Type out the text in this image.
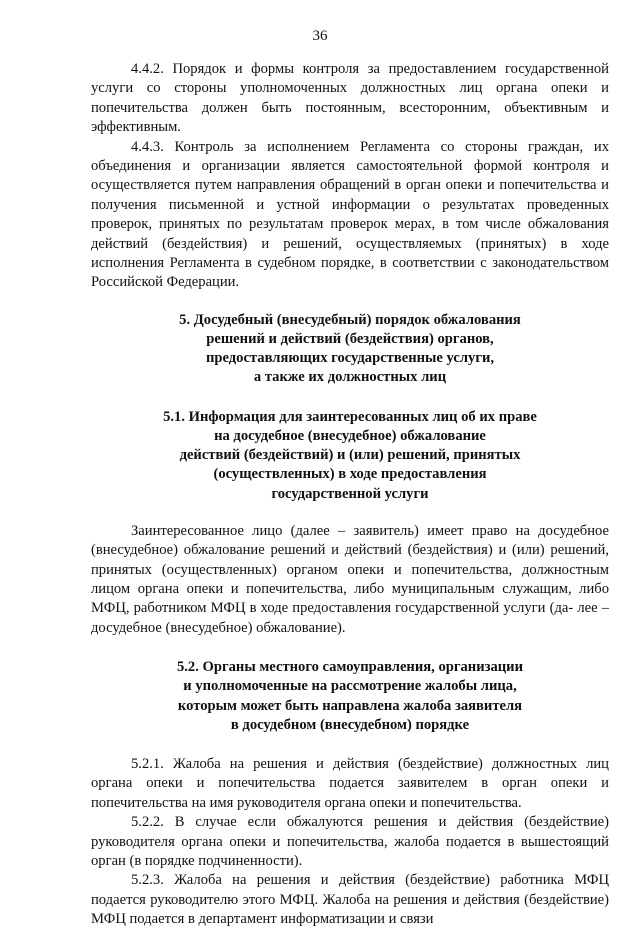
36

4.4.2. Порядок и формы контроля за предоставлением государственной услуги со стороны уполномоченных должностных лиц органа опеки и попечительства должен быть постоянным, всесторонним, объективным и эффективным.

4.4.3. Контроль за исполнением Регламента со стороны граждан, их объединения и организации является самостоятельной формой контроля и осуществляется путем направления обращений в орган опеки и попечительства и получения письменной и устной информации о результатах проведенных проверок, принятых по результатам проверок мерах, в том числе обжалования действий (бездействия) и решений, осуществляемых (принятых) в ходе исполнения Регламента в судебном порядке, в соответствии с законодательством Российской Федерации.

5. Досудебный (внесудебный) порядок обжалования
решений и действий (бездействия) органов,
предоставляющих государственные услуги,
а также их должностных лиц
5.1. Информация для заинтересованных лиц об их праве
на досудебное (внесудебное) обжалование
действий (бездействий) и (или) решений, принятых
(осуществленных) в ходе предоставления
государственной услуги

Заинтересованное лицо (далее – заявитель) имеет право на досудебное (внесудебное) обжалование решений и действий (бездействия) и (или) решений, принятых (осуществленных) органом опеки и попечительства, должностным лицом органа опеки и попечительства, либо муниципальным служащим, либо МФЦ, работником МФЦ в ходе предоставления государственной услуги (да- лее – досудебное (внесудебное) обжалование).

5.2. Органы местного самоуправления, организации
и уполномоченные на рассмотрение жалобы лица,
которым может быть направлена жалоба заявителя
в досудебном (внесудебном) порядке

5.2.1. Жалоба на решения и действия (бездействие) должностных лиц органа опеки и попечительства подается заявителем в орган опеки и попечительства на имя руководителя органа опеки и попечительства.

5.2.2. В случае если обжалуются решения и действия (бездействие) руководителя органа опеки и попечительства, жалоба подается в вышестоящий орган (в порядке подчиненности).

5.2.3. Жалоба на решения и действия (бездействие) работника МФЦ подается руководителю этого МФЦ. Жалоба на решения и действия (бездействие) МФЦ подается в департамент информатизации и связи
